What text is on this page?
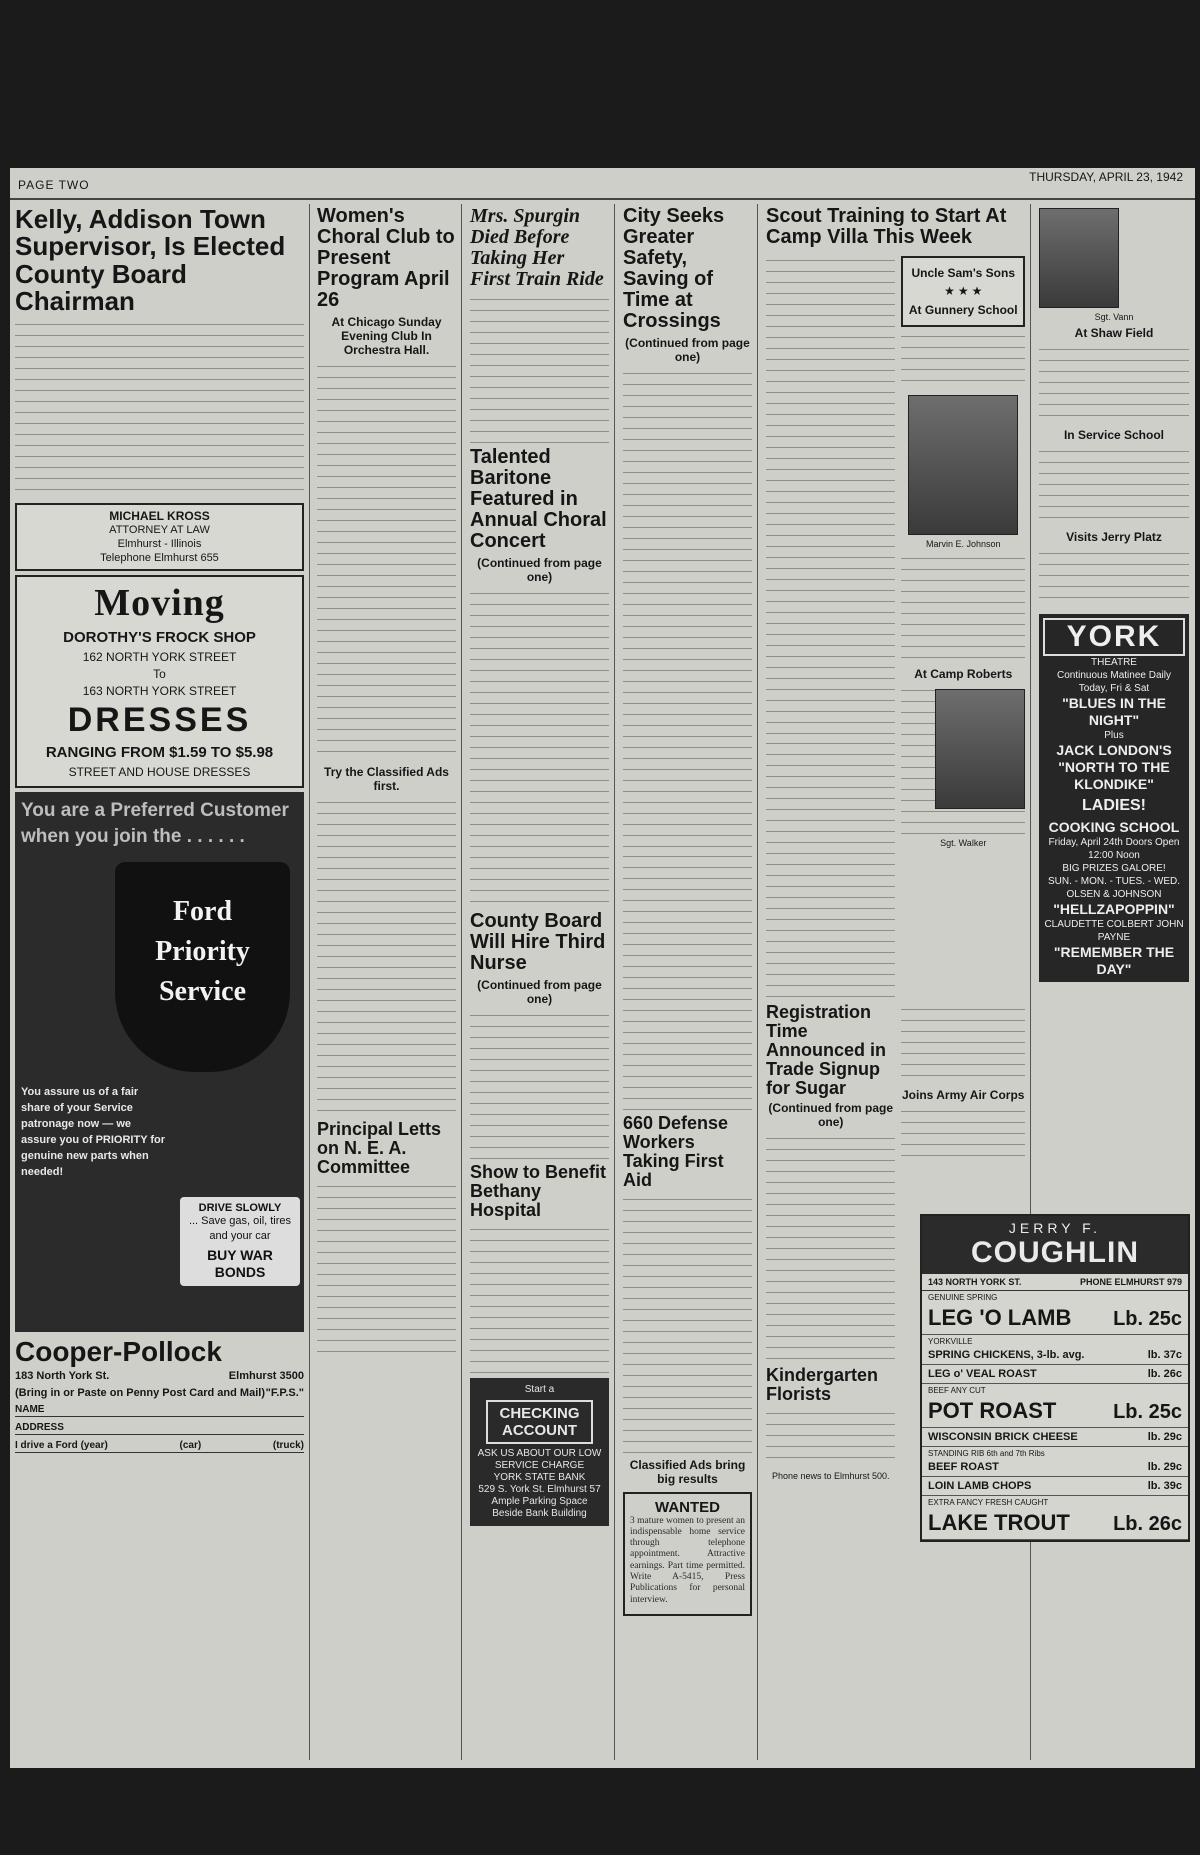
PAGE TWO
THURSDAY, APRIL 23, 1942
Kelly, Addison Town Supervisor, Is Elected County Board Chairman
MICHAEL KROSS
ATTORNEY AT LAW
Elmhurst - Illinois
Telephone Elmhurst 655
Moving
DOROTHY'S FROCK SHOP
162 NORTH YORK STREET
To
163 NORTH YORK STREET
DRESSES
RANGING FROM $1.59 TO $5.98
STREET AND HOUSE DRESSES
You are a Preferred Customer
when you join the . . . . . .
Ford
Priority
Service
You assure us of a fair share of your Service patronage now — we assure you of PRIORITY for genuine new parts when needed!
DRIVE SLOWLY
... Save gas, oil, tires and your car
BUY WAR BONDS
Cooper-Pollock
183 North York St.	Elmhurst 3500
(Bring in or Paste on Penny Post Card and Mail) "F.P.S."
NAME
ADDRESS
I drive a Ford (year)	(car)	(truck)
Women's Choral Club to Present Program April 26
At Chicago Sunday Evening Club In Orchestra Hall.
Try the Classified Ads first.
Principal Letts on N. E. A. Committee
Mrs. Spurgin Died Before Taking Her First Train Ride
Talented Baritone Featured in Annual Choral Concert
(Continued from page one)
County Board Will Hire Third Nurse
(Continued from page one)
Show to Benefit Bethany Hospital
Start a
CHECKING ACCOUNT
ASK US ABOUT OUR LOW SERVICE CHARGE
YORK STATE BANK
529 S. York St. Elmhurst 57
Ample Parking Space Beside Bank Building
City Seeks Greater Safety, Saving of Time at Crossings
(Continued from page one)
660 Defense Workers Taking First Aid
Classified Ads bring big results
WANTED
3 mature women to present an indispensable home service through telephone appointment. Attractive earnings. Part time permitted. Write A-5415, Press Publications for personal interview.
Scout Training to Start At Camp Villa This Week
Uncle Sam's Sons
★ ★ ★
At Gunnery School
Marvin E. Johnson
At Camp Roberts
Sgt. Walker
Registration Time Announced in Trade Signup for Sugar
(Continued from page one)
Kindergarten Florists
Phone news to Elmhurst 500.
Joins Army Air Corps
Sgt. Vann
At Shaw Field
In Service School
Visits Jerry Platz
YORK
THEATRE
Continuous Matinee Daily
Today, Fri & Sat
"BLUES IN THE NIGHT"
Plus
JACK LONDON'S "NORTH TO THE KLONDIKE"
LADIES!
COOKING SCHOOL
Friday, April 24th Doors Open 12:00 Noon
BIG PRIZES GALORE!
SUN. - MON. - TUES. - WED.
OLSEN & JOHNSON
"HELLZAPOPPIN"
CLAUDETTE COLBERT JOHN PAYNE
"REMEMBER THE DAY"
JERRY F.
COUGHLIN
143 NORTH YORK ST.	PHONE ELMHURST 979
GENUINE SPRING
LEG 'O LAMB Lb. 25c
YORKVILLE
SPRING CHICKENS, 3-lb. avg.	lb. 37c
LEG o' VEAL ROAST	lb. 26c
BEEF ANY CUT
POT ROAST	Lb. 25c
WISCONSIN BRICK CHEESE	lb. 29c
STANDING RIB 6th and 7th Ribs
BEEF ROAST	lb. 29c
LOIN LAMB CHOPS	lb. 39c
EXTRA FANCY FRESH CAUGHT
LAKE TROUT Lb. 26c
